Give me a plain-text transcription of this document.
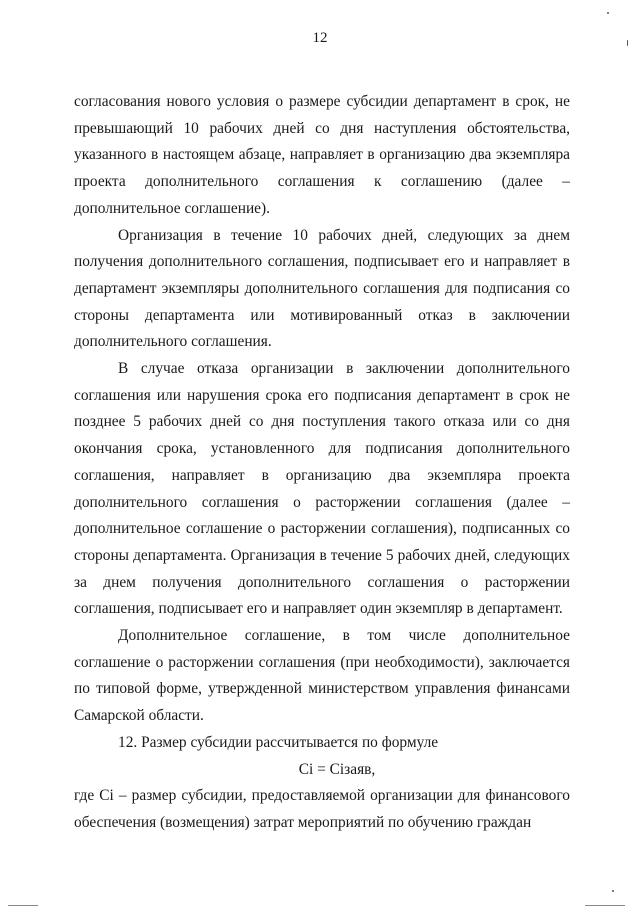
12

согласования нового условия о размере субсидии департамент в срок, не превышающий 10 рабочих дней со дня наступления обстоятельства, указанного в настоящем абзаце, направляет в организацию два экземпляра проекта дополнительного соглашения к соглашению (далее – дополнительное соглашение).

Организация в течение 10 рабочих дней, следующих за днем получения дополнительного соглашения, подписывает его и направляет в департамент экземпляры дополнительного соглашения для подписания со стороны департамента или мотивированный отказ в заключении дополнительного соглашения.

В случае отказа организации в заключении дополнительного соглашения или нарушения срока его подписания департамент в срок не позднее 5 рабочих дней со дня поступления такого отказа или со дня окончания срока, установленного для подписания дополнительного соглашения, направляет в организацию два экземпляра проекта дополнительного соглашения о расторжении соглашения (далее – дополнительное соглашение о расторжении соглашения), подписанных со стороны департамента. Организация в течение 5 рабочих дней, следующих за днем получения дополнительного соглашения о расторжении соглашения, подписывает его и направляет один экземпляр в департамент.

Дополнительное соглашение, в том числе дополнительное соглашение о расторжении соглашения (при необходимости), заключается по типовой форме, утвержденной министерством управления финансами Самарской области.

12. Размер субсидии рассчитывается по формуле

Ci = Ciзаяв,

где Ci – размер субсидии, предоставляемой организации для финансового обеспечения (возмещения) затрат мероприятий по обучению граждан
